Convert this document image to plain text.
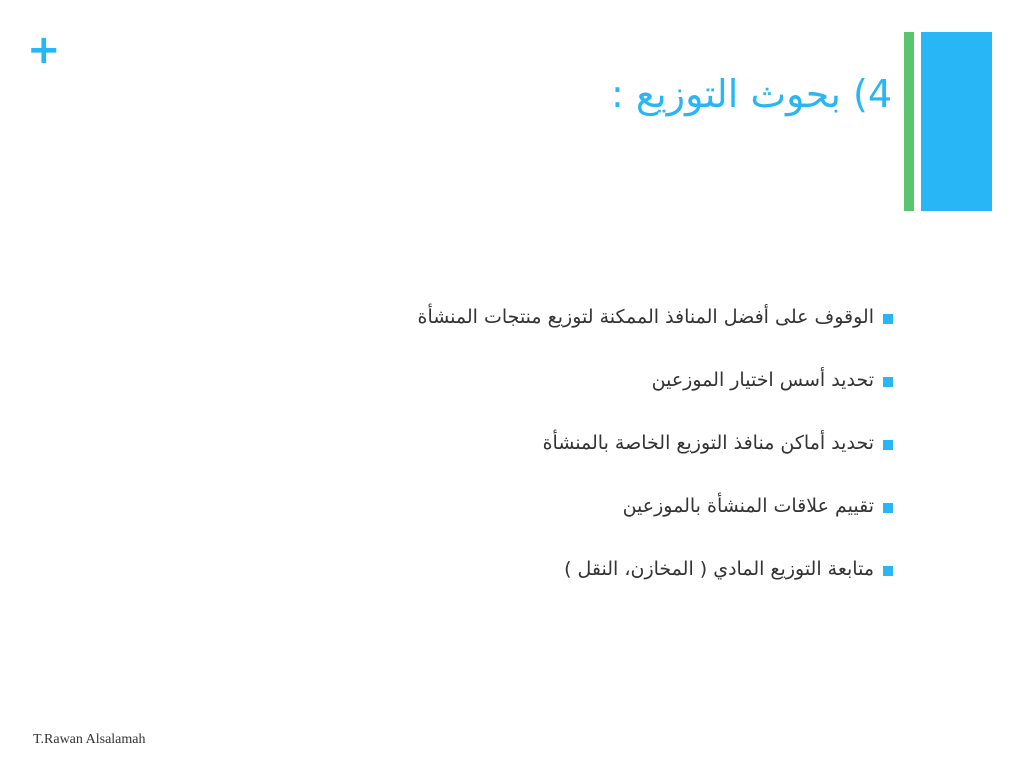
+
4) بحوث التوزيع :
الوقوف على أفضل المنافذ الممكنة لتوزيع منتجات المنشأة
تحديد أسس اختيار الموزعين
تحديد أماكن منافذ التوزيع الخاصة بالمنشأة
تقييم علاقات المنشأة بالموزعين
متابعة التوزيع المادي ( المخازن، النقل )
T.Rawan Alsalamah
